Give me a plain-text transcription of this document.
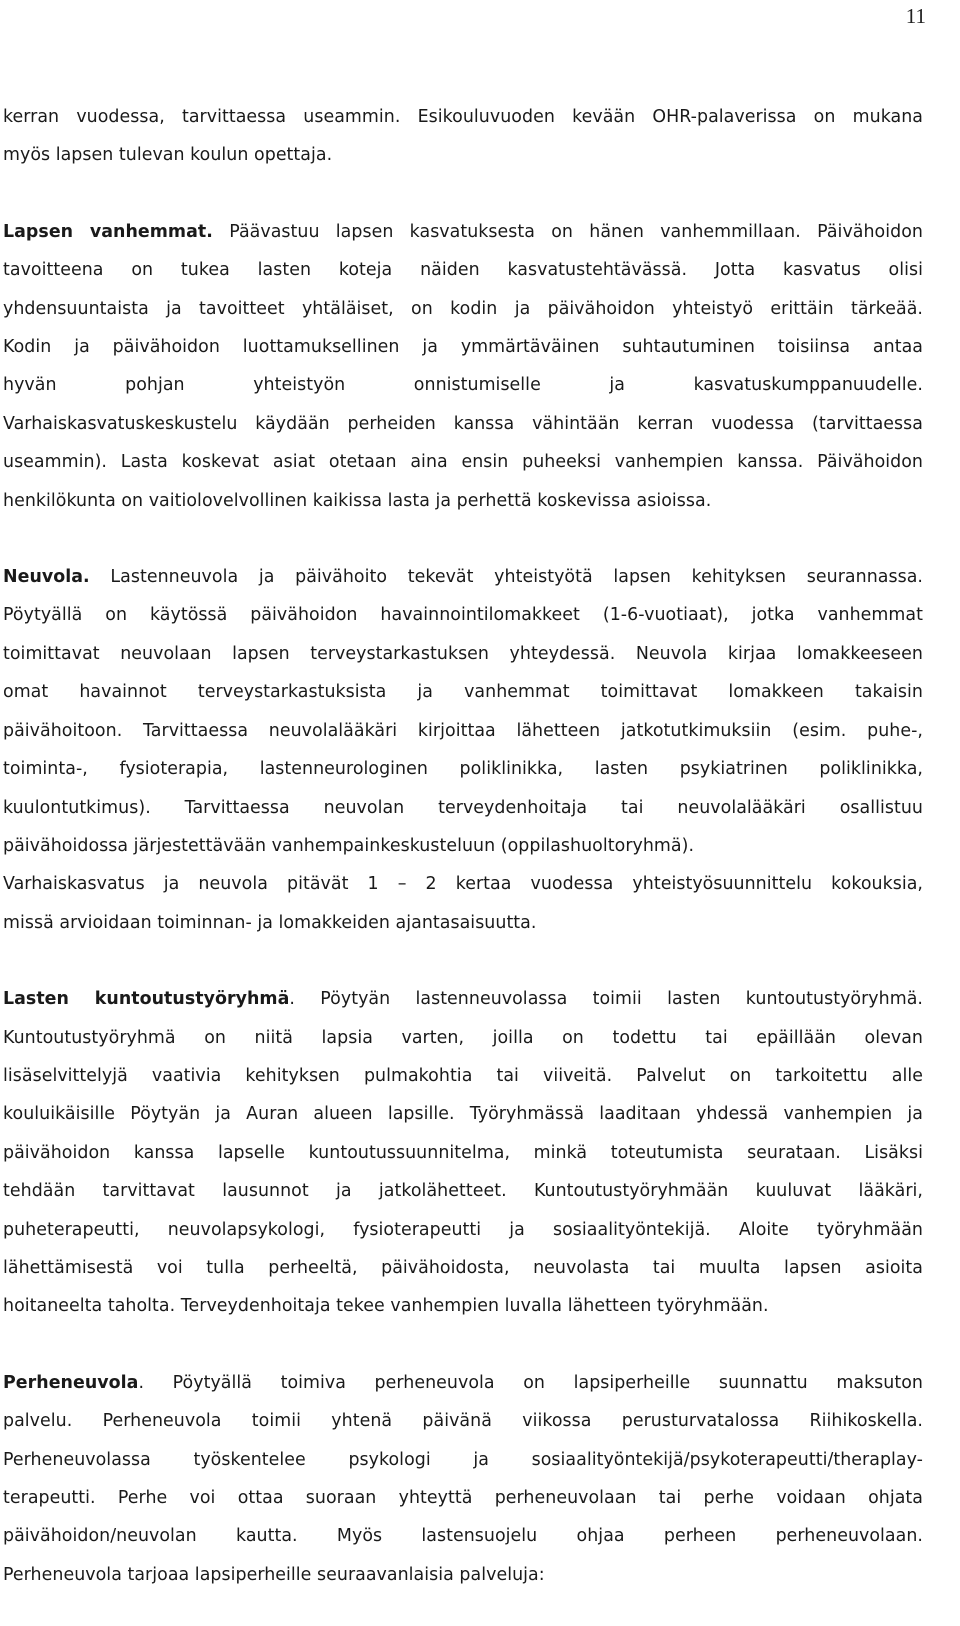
11
kerran vuodessa, tarvittaessa useammin. Esikouluvuoden kevään OHR-palaverissa on mukana
myös lapsen tulevan koulun opettaja.
Lapsen vanhemmat. Päävastuu lapsen kasvatuksesta on hänen vanhemmillaan. Päivähoidon
tavoitteena on tukea lasten koteja näiden kasvatustehtävässä. Jotta kasvatus olisi
yhdensuuntaista ja tavoitteet yhtäläiset, on kodin ja päivähoidon yhteistyö erittäin tärkeää.
Kodin ja päivähoidon luottamuksellinen ja ymmärtäväinen suhtautuminen toisiinsa antaa
hyvän pohjan yhteistyön onnistumiselle ja kasvatuskumppanuudelle.
Varhaiskasvatuskeskustelu käydään perheiden kanssa vähintään kerran vuodessa (tarvittaessa
useammin). Lasta koskevat asiat otetaan aina ensin puheeksi vanhempien kanssa. Päivähoidon
henkilökunta on vaitiolovelvollinen kaikissa lasta ja perhettä koskevissa asioissa.
Neuvola. Lastenneuvola ja päivähoito tekevät yhteistyötä lapsen kehityksen seurannassa.
Pöytyällä on käytössä päivähoidon havainnointilomakkeet (1-6-vuotiaat), jotka vanhemmat
toimittavat neuvolaan lapsen terveystarkastuksen yhteydessä. Neuvola kirjaa lomakkeeseen
omat havainnot terveystarkastuksista ja vanhemmat toimittavat lomakkeen takaisin
päivähoitoon. Tarvittaessa neuvolalääkäri kirjoittaa lähetteen jatkotutkimuksiin (esim. puhe-,
toiminta-, fysioterapia, lastenneurologinen poliklinikka, lasten psykiatrinen poliklinikka,
kuulontutkimus). Tarvittaessa neuvolan terveydenhoitaja tai neuvolalääkäri osallistuu
päivähoidossa järjestettävään vanhempainkeskusteluun (oppilashuoltoryhmä).
Varhaiskasvatus ja neuvola pitävät 1 – 2 kertaa vuodessa yhteistyösuunnittelu kokouksia,
missä arvioidaan toiminnan- ja lomakkeiden ajantasaisuutta.
Lasten kuntoutustyöryhmä. Pöytyän lastenneuvolassa toimii lasten kuntoutustyöryhmä.
Kuntoutustyöryhmä on niitä lapsia varten, joilla on todettu tai epäillään olevan
lisäselvittelyjä vaativia kehityksen pulmakohtia tai viiveitä. Palvelut on tarkoitettu alle
kouluikäisille Pöytyän ja Auran alueen lapsille. Työryhmässä laaditaan yhdessä vanhempien ja
päivähoidon kanssa lapselle kuntoutussuunnitelma, minkä toteutumista seurataan. Lisäksi
tehdään tarvittavat lausunnot ja jatkolähetteet. Kuntoutustyöryhmään kuuluvat lääkäri,
puheterapeutti, neuvolapsykologi, fysioterapeutti ja sosiaalityöntekijä. Aloite työryhmään
lähettämisestä voi tulla perheeltä, päivähoidosta, neuvolasta tai muulta lapsen asioita
hoitaneelta taholta. Terveydenhoitaja tekee vanhempien luvalla lähetteen työryhmään.
Perheneuvola. Pöytyällä toimiva perheneuvola on lapsiperheille suunnattu maksuton
palvelu. Perheneuvola toimii yhtenä päivänä viikossa perusturvatalossa Riihikoskella.
Perheneuvolassa työskentelee psykologi ja sosiaalityöntekijä/psykoterapeutti/theraplay-
terapeutti. Perhe voi ottaa suoraan yhteyttä perheneuvolaan tai perhe voidaan ohjata
päivähoidon/neuvolan kautta. Myös lastensuojelu ohjaa perheen perheneuvolaan.
Perheneuvola tarjoaa lapsiperheille seuraavanlaisia palveluja:
